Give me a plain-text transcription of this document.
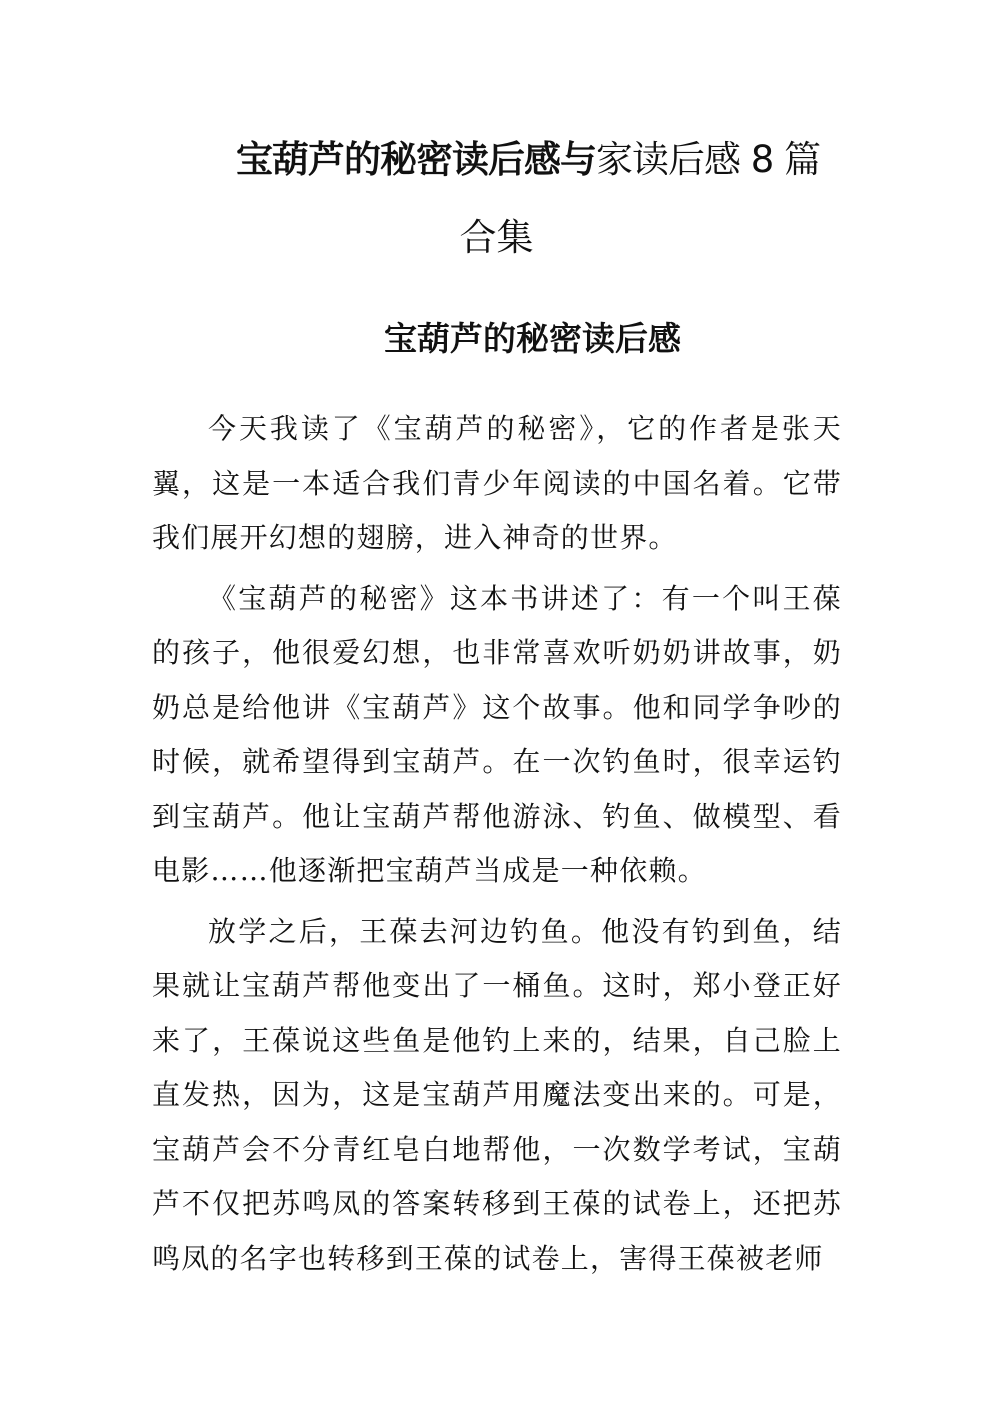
宝葫芦的秘密读后感与家读后感 8 篇
合集
宝葫芦的秘密读后感

今天我读了《宝葫芦的秘密》，它的作者是张天翼，这是一本适合我们青少年阅读的中国名着。它带我们展开幻想的翅膀，进入神奇的世界。

《宝葫芦的秘密》这本书讲述了：有一个叫王葆的孩子，他很爱幻想，也非常喜欢听奶奶讲故事，奶奶总是给他讲《宝葫芦》这个故事。他和同学争吵的时候，就希望得到宝葫芦。在一次钓鱼时，很幸运钓到宝葫芦。他让宝葫芦帮他游泳、钓鱼、做模型、看电影……他逐渐把宝葫芦当成是一种依赖。

放学之后，王葆去河边钓鱼。他没有钓到鱼，结果就让宝葫芦帮他变出了一桶鱼。这时，郑小登正好来了，王葆说这些鱼是他钓上来的，结果，自己脸上直发热，因为，这是宝葫芦用魔法变出来的。可是，宝葫芦会不分青红皂白地帮他，一次数学考试，宝葫芦不仅把苏鸣凤的答案转移到王葆的试卷上，还把苏鸣凤的名字也转移到王葆的试卷上，害得王葆被老师
